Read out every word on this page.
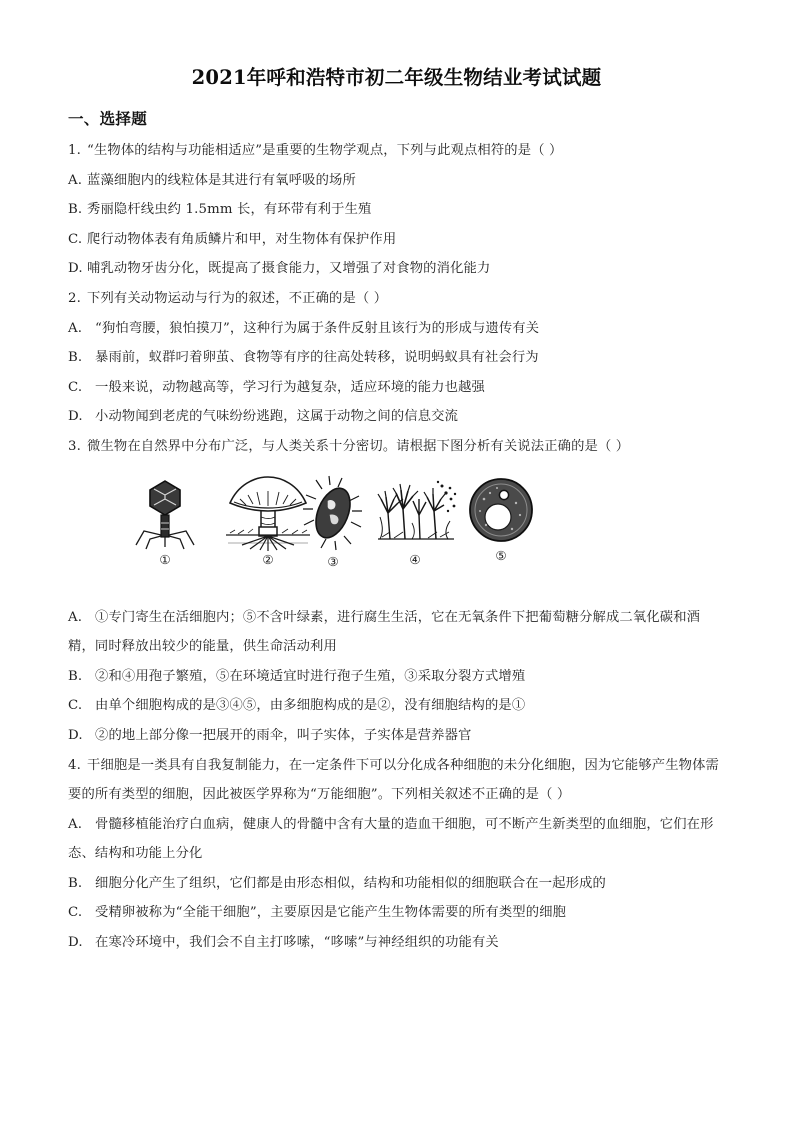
2021年呼和浩特市初二年级生物结业考试试题
一、选择题
1. “生物体的结构与功能相适应”是重要的生物学观点，下列与此观点相符的是（ ）
A. 蓝藻细胞内的线粒体是其进行有氧呼吸的场所
B. 秀丽隐杆线虫约 1.5mm 长，有环带有利于生殖
C. 爬行动物体表有角质鳞片和甲，对生物体有保护作用
D. 哺乳动物牙齿分化，既提高了摄食能力，又增强了对食物的消化能力
2. 下列有关动物运动与行为的叙述，不正确的是（ ）
A. “狗怕弯腰，狼怕摸刀”，这种行为属于条件反射且该行为的形成与遗传有关
B. 暴雨前，蚁群叼着卵茧、食物等有序的往高处转移，说明蚂蚁具有社会行为
C. 一般来说，动物越高等，学习行为越复杂，适应环境的能力也越强
D. 小动物闻到老虎的气味纷纷逃跑，这属于动物之间的信息交流
3. 微生物在自然界中分布广泛，与人类关系十分密切。请根据下图分析有关说法正确的是（ ）
①	②	③	④	⑤
A. ①专门寄生在活细胞内；⑤不含叶绿素，进行腐生生活，它在无氧条件下把葡萄糖分解成二氧化碳和酒精，同时释放出较少的能量，供生命活动利用
B. ②和④用孢子繁殖，⑤在环境适宜时进行孢子生殖，③采取分裂方式增殖
C. 由单个细胞构成的是③④⑤，由多细胞构成的是②，没有细胞结构的是①
D. ②的地上部分像一把展开的雨伞，叫子实体，子实体是营养器官
4. 干细胞是一类具有自我复制能力，在一定条件下可以分化成各种细胞的未分化细胞，因为它能够产生物体需要的所有类型的细胞，因此被医学界称为“万能细胞”。下列相关叙述不正确的是（ ）
A. 骨髓移植能治疗白血病，健康人的骨髓中含有大量的造血干细胞，可不断产生新类型的血细胞，它们在形态、结构和功能上分化
B. 细胞分化产生了组织，它们都是由形态相似，结构和功能相似的细胞联合在一起形成的
C. 受精卵被称为“全能干细胞”，主要原因是它能产生生物体需要的所有类型的细胞
D. 在寒冷环境中，我们会不自主打哆嗦，“哆嗦”与神经组织的功能有关
